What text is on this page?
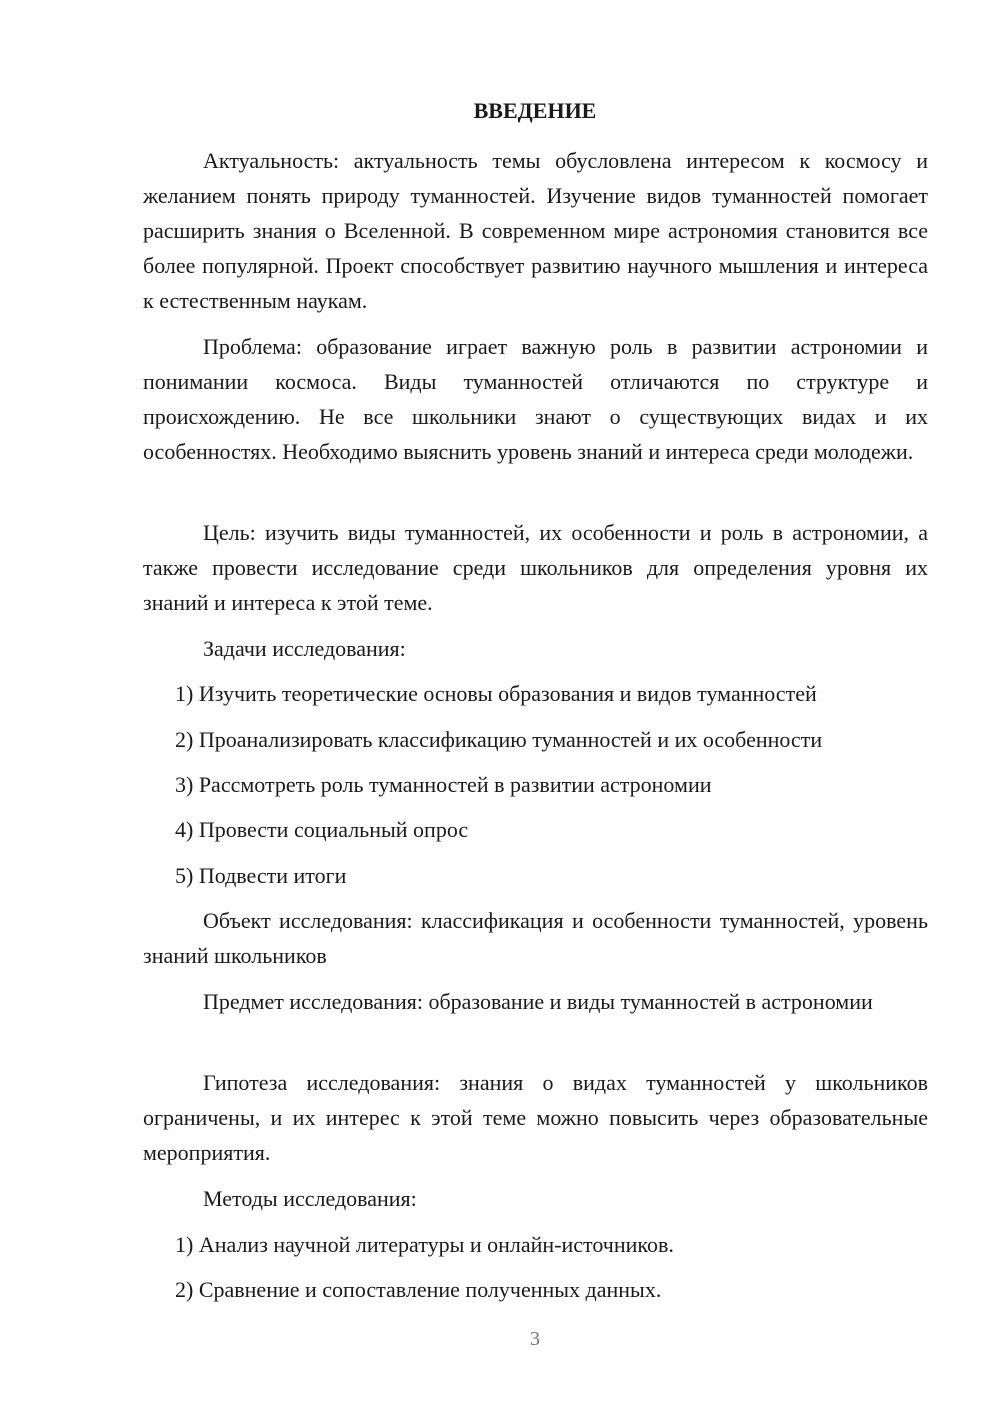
ВВЕДЕНИЕ

Актуальность: актуальность темы обусловлена интересом к космосу и желанием понять природу туманностей. Изучение видов туманностей помогает расширить знания о Вселенной. В современном мире астрономия становится все более популярной. Проект способствует развитию научного мышления и интереса к естественным наукам.

Проблема: образование играет важную роль в развитии астрономии и понимании космоса. Виды туманностей отличаются по структуре и происхождению. Не все школьники знают о существующих видах и их особенностях. Необходимо выяснить уровень знаний и интереса среди молодежи.

Цель: изучить виды туманностей, их особенности и роль в астрономии, а также провести исследование среди школьников для определения уровня их знаний и интереса к этой теме.

Задачи исследования:

1) Изучить теоретические основы образования и видов туманностей

2) Проанализировать классификацию туманностей и их особенности

3) Рассмотреть роль туманностей в развитии астрономии

4) Провести социальный опрос

5) Подвести итоги

Объект исследования: классификация и особенности туманностей, уровень знаний школьников

Предмет исследования: образование и виды туманностей в астрономии

Гипотеза исследования: знания о видах туманностей у школьников ограничены, и их интерес к этой теме можно повысить через образовательные мероприятия.

Методы исследования:

1) Анализ научной литературы и онлайн-источников.

2) Сравнение и сопоставление полученных данных.

3
